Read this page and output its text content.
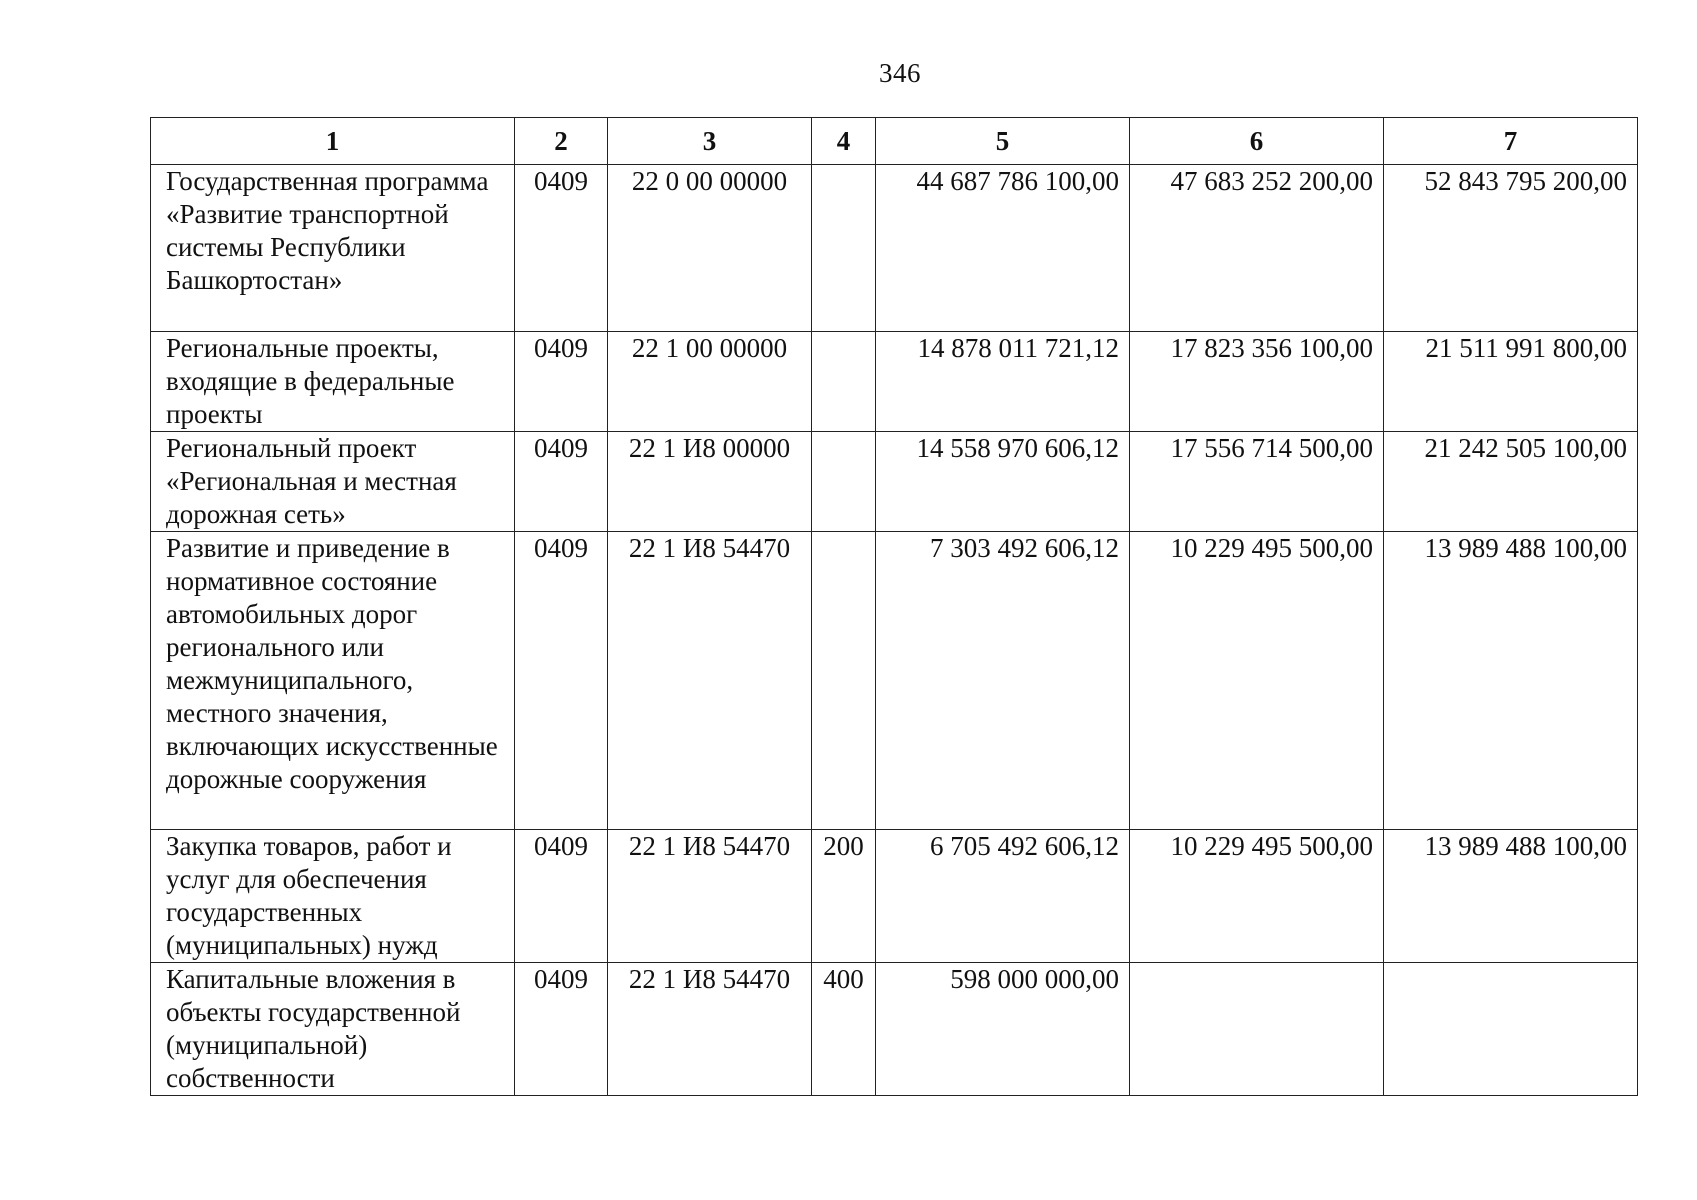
346
1	2	3	4	5	6	7
Государственная программа «Развитие транспортной системы Республики Башкортостан»	0409	22 0 00 00000		44 687 786 100,00	47 683 252 200,00	52 843 795 200,00
Региональные проекты, входящие в федеральные проекты	0409	22 1 00 00000		14 878 011 721,12	17 823 356 100,00	21 511 991 800,00
Региональный проект «Региональная и местная дорожная сеть»	0409	22 1 И8 00000		14 558 970 606,12	17 556 714 500,00	21 242 505 100,00
Развитие и приведение в нормативное состояние автомобильных дорог регионального или межмуниципального, местного значения, включающих искусственные дорожные сооружения	0409	22 1 И8 54470		7 303 492 606,12	10 229 495 500,00	13 989 488 100,00
Закупка товаров, работ и услуг для обеспечения государственных (муниципальных) нужд	0409	22 1 И8 54470	200	6 705 492 606,12	10 229 495 500,00	13 989 488 100,00
Капитальные вложения в объекты государственной (муниципальной) собственности	0409	22 1 И8 54470	400	598 000 000,00		
